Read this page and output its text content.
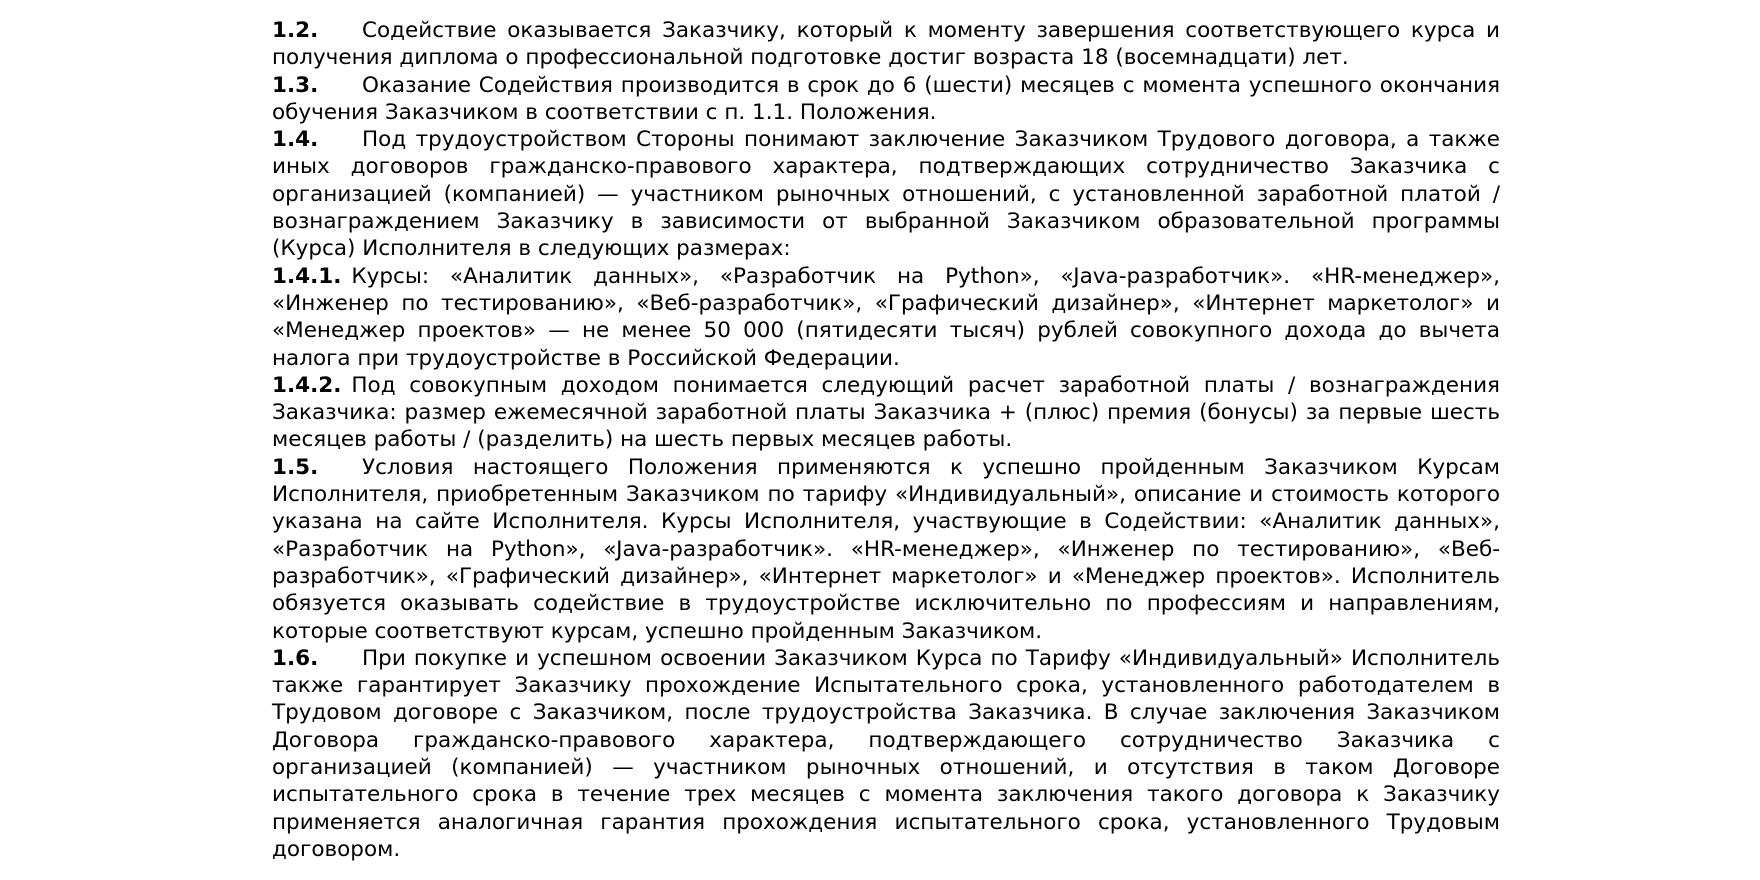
1.2. Содействие оказывается Заказчику, который к моменту завершения соответствующего курса и получения диплома о профессиональной подготовке достиг возраста 18 (восемнадцати) лет.

1.3. Оказание Содействия производится в срок до 6 (шести) месяцев с момента успешного окончания обучения Заказчиком в соответствии с п. 1.1. Положения.

1.4. Под трудоустройством Стороны понимают заключение Заказчиком Трудового договора, а также иных договоров гражданско-правового характера, подтверждающих сотрудничество Заказчика с организацией (компанией) — участником рыночных отношений, с установленной заработной платой / вознаграждением Заказчику в зависимости от выбранной Заказчиком образовательной программы (Курса) Исполнителя в следующих размерах:

1.4.1. Курсы: «Аналитик данных», «Разработчик на Python», «Java-разработчик». «HR-менеджер», «Инженер по тестированию», «Веб-разработчик», «Графический дизайнер», «Интернет маркетолог» и «Менеджер проектов» — не менее 50 000 (пятидесяти тысяч) рублей совокупного дохода до вычета налога при трудоустройстве в Российской Федерации.

1.4.2. Под совокупным доходом понимается следующий расчет заработной платы / вознаграждения Заказчика: размер ежемесячной заработной платы Заказчика + (плюс) премия (бонусы) за первые шесть месяцев работы / (разделить) на шесть первых месяцев работы.

1.5. Условия настоящего Положения применяются к успешно пройденным Заказчиком Курсам Исполнителя, приобретенным Заказчиком по тарифу «Индивидуальный», описание и стоимость которого указана на сайте Исполнителя. Курсы Исполнителя, участвующие в Содействии: «Аналитик данных», «Разработчик на Python», «Java-разработчик». «HR-менеджер», «Инженер по тестированию», «Веб-разработчик», «Графический дизайнер», «Интернет маркетолог» и «Менеджер проектов». Исполнитель обязуется оказывать содействие в трудоустройстве исключительно по профессиям и направлениям, которые соответствуют курсам, успешно пройденным Заказчиком.

1.6. При покупке и успешном освоении Заказчиком Курса по Тарифу «Индивидуальный» Исполнитель также гарантирует Заказчику прохождение Испытательного срока, установленного работодателем в Трудовом договоре с Заказчиком, после трудоустройства Заказчика. В случае заключения Заказчиком Договора гражданско-правового характера, подтверждающего сотрудничество Заказчика с организацией (компанией) — участником рыночных отношений, и отсутствия в таком Договоре испытательного срока в течение трех месяцев с момента заключения такого договора к Заказчику применяется аналогичная гарантия прохождения испытательного срока, установленного Трудовым договором.
